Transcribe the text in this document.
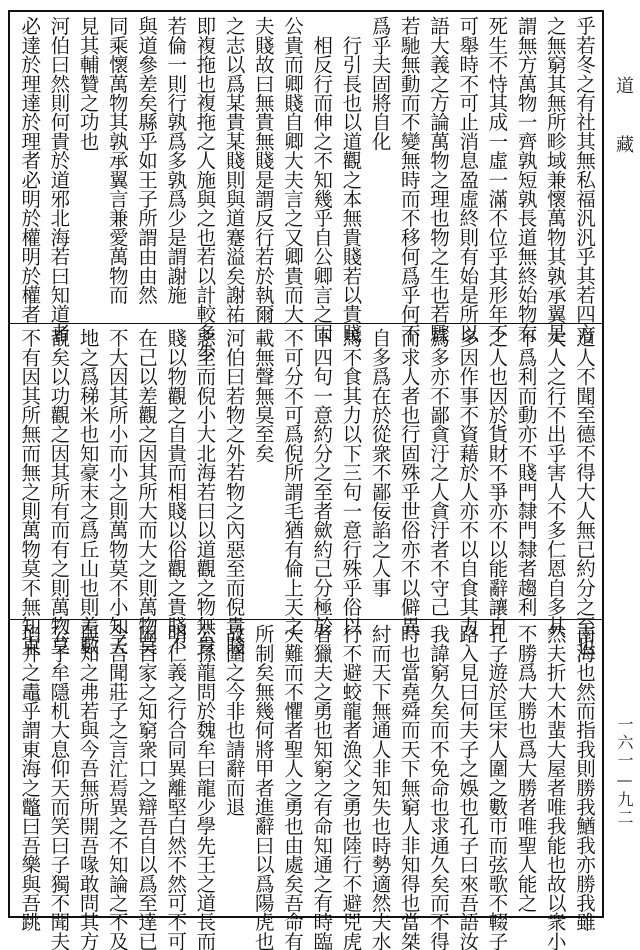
乎若冬之有社其無私福汎汎乎其若四方
之無窮其無所畛域兼懷萬物其孰承翼是
謂無方萬物一齊孰短孰長道無終始物有
死生不恃其成一虛一滿不位乎其形年不
可舉時不可止消息盈虛終則有始是所以
語大義之方論萬物之理也物之生也若驟
若馳無動而不變無時而不移何爲乎何不
爲乎夫固將自化
　行引長也以道觀之本無貴賤若以貴賤
　相反行而伸之不知幾乎自公卿言之固
公貴而卿賤自卿大夫言之又卿貴而大
夫賤故曰無貴無賤是謂反行若於執爾
之志以爲某貴某賤則與道蹇溢矣謝祐
即複拖也複拖之人施與之也若以計較多少
若倫一則行孰爲多孰爲少是謂謝施
與道參差矣縣乎如王子所謂由由然
同乘懷萬物其孰承翼言兼愛萬物而
見其輔贊之功也
河伯曰然則何貴於道邪北海若曰知道者
必達於理達於理者必明於權明於權者
道人不聞至德不得大人無已約分之至也
大人之行不出乎害人不多仁恩自多其
不爲利而動亦不賤門隸門隸者趨利
之人也因於貨財不爭亦不以能辭讓自
多因作事不資藉於人亦不以自食其力
爲多亦不鄙貪汙之人貪汙者不守己
而求人者也行固殊乎世俗亦不以僻異
自多爲在於從衆不鄙佞諂之人事
馬不食其力以下三句一意行殊乎俗以
下四句一意約分之至者歛約己分極於
不可分不可爲倪所謂毛猶有倫上天之
載無聲無臭至矣
河伯曰若物之外若物之內惡至而倪貴賤
惡至而倪小大北海若曰以道觀之物無貴
賤以物觀之自貴而相賤以俗觀之貴賤不
在己以差觀之因其所大而大之則萬物莫
不大因其所小而小之則萬物莫不小知天
地之爲稊米也知豪末之爲丘山也則差數
覩矣以功觀之因其所有而有之則萬物莫
不有因其所無而無之則萬物莫不無知東
南海也然而指我則勝我鰌我亦勝我雖
然夫折大木蜚大屋者唯我能也故以衆小
不勝爲大勝也爲大勝者唯聖人能之
孔子遊於匡宋人圍之數帀而弦歌不輟子
路入見曰何夫子之娛也孔子曰來吾語汝
我諱窮久矣而不免命也求通久矣而不得
時也當堯舜而天下無窮人非知得也當桀
紂而天下無通人非知失也時勢適然夫水
行不避蛟龍者漁父之勇也陸行不避兕虎
者獵夫之勇也知窮之有命知通之有時臨
大難而不懼者聖人之勇也由處矣吾命有
所制矣無幾何將甲者進辭曰以爲陽虎也
故圍之今非也請辭而退
公孫龍問於魏牟曰龍少學先王之道長而
明仁義之行合同異離堅白然不然可不可
困百家之知窮衆口之辯吾自以爲至達已
今吾聞莊子之言汒焉異之不知論之不及
與知之弗若與今吾無所開吾喙敢問其方
公子牟隱机大息仰天而笑曰子獨不聞夫
埳井之鼃乎謂東海之鼈曰吾樂與吾跳
道 藏
一六一—九二
